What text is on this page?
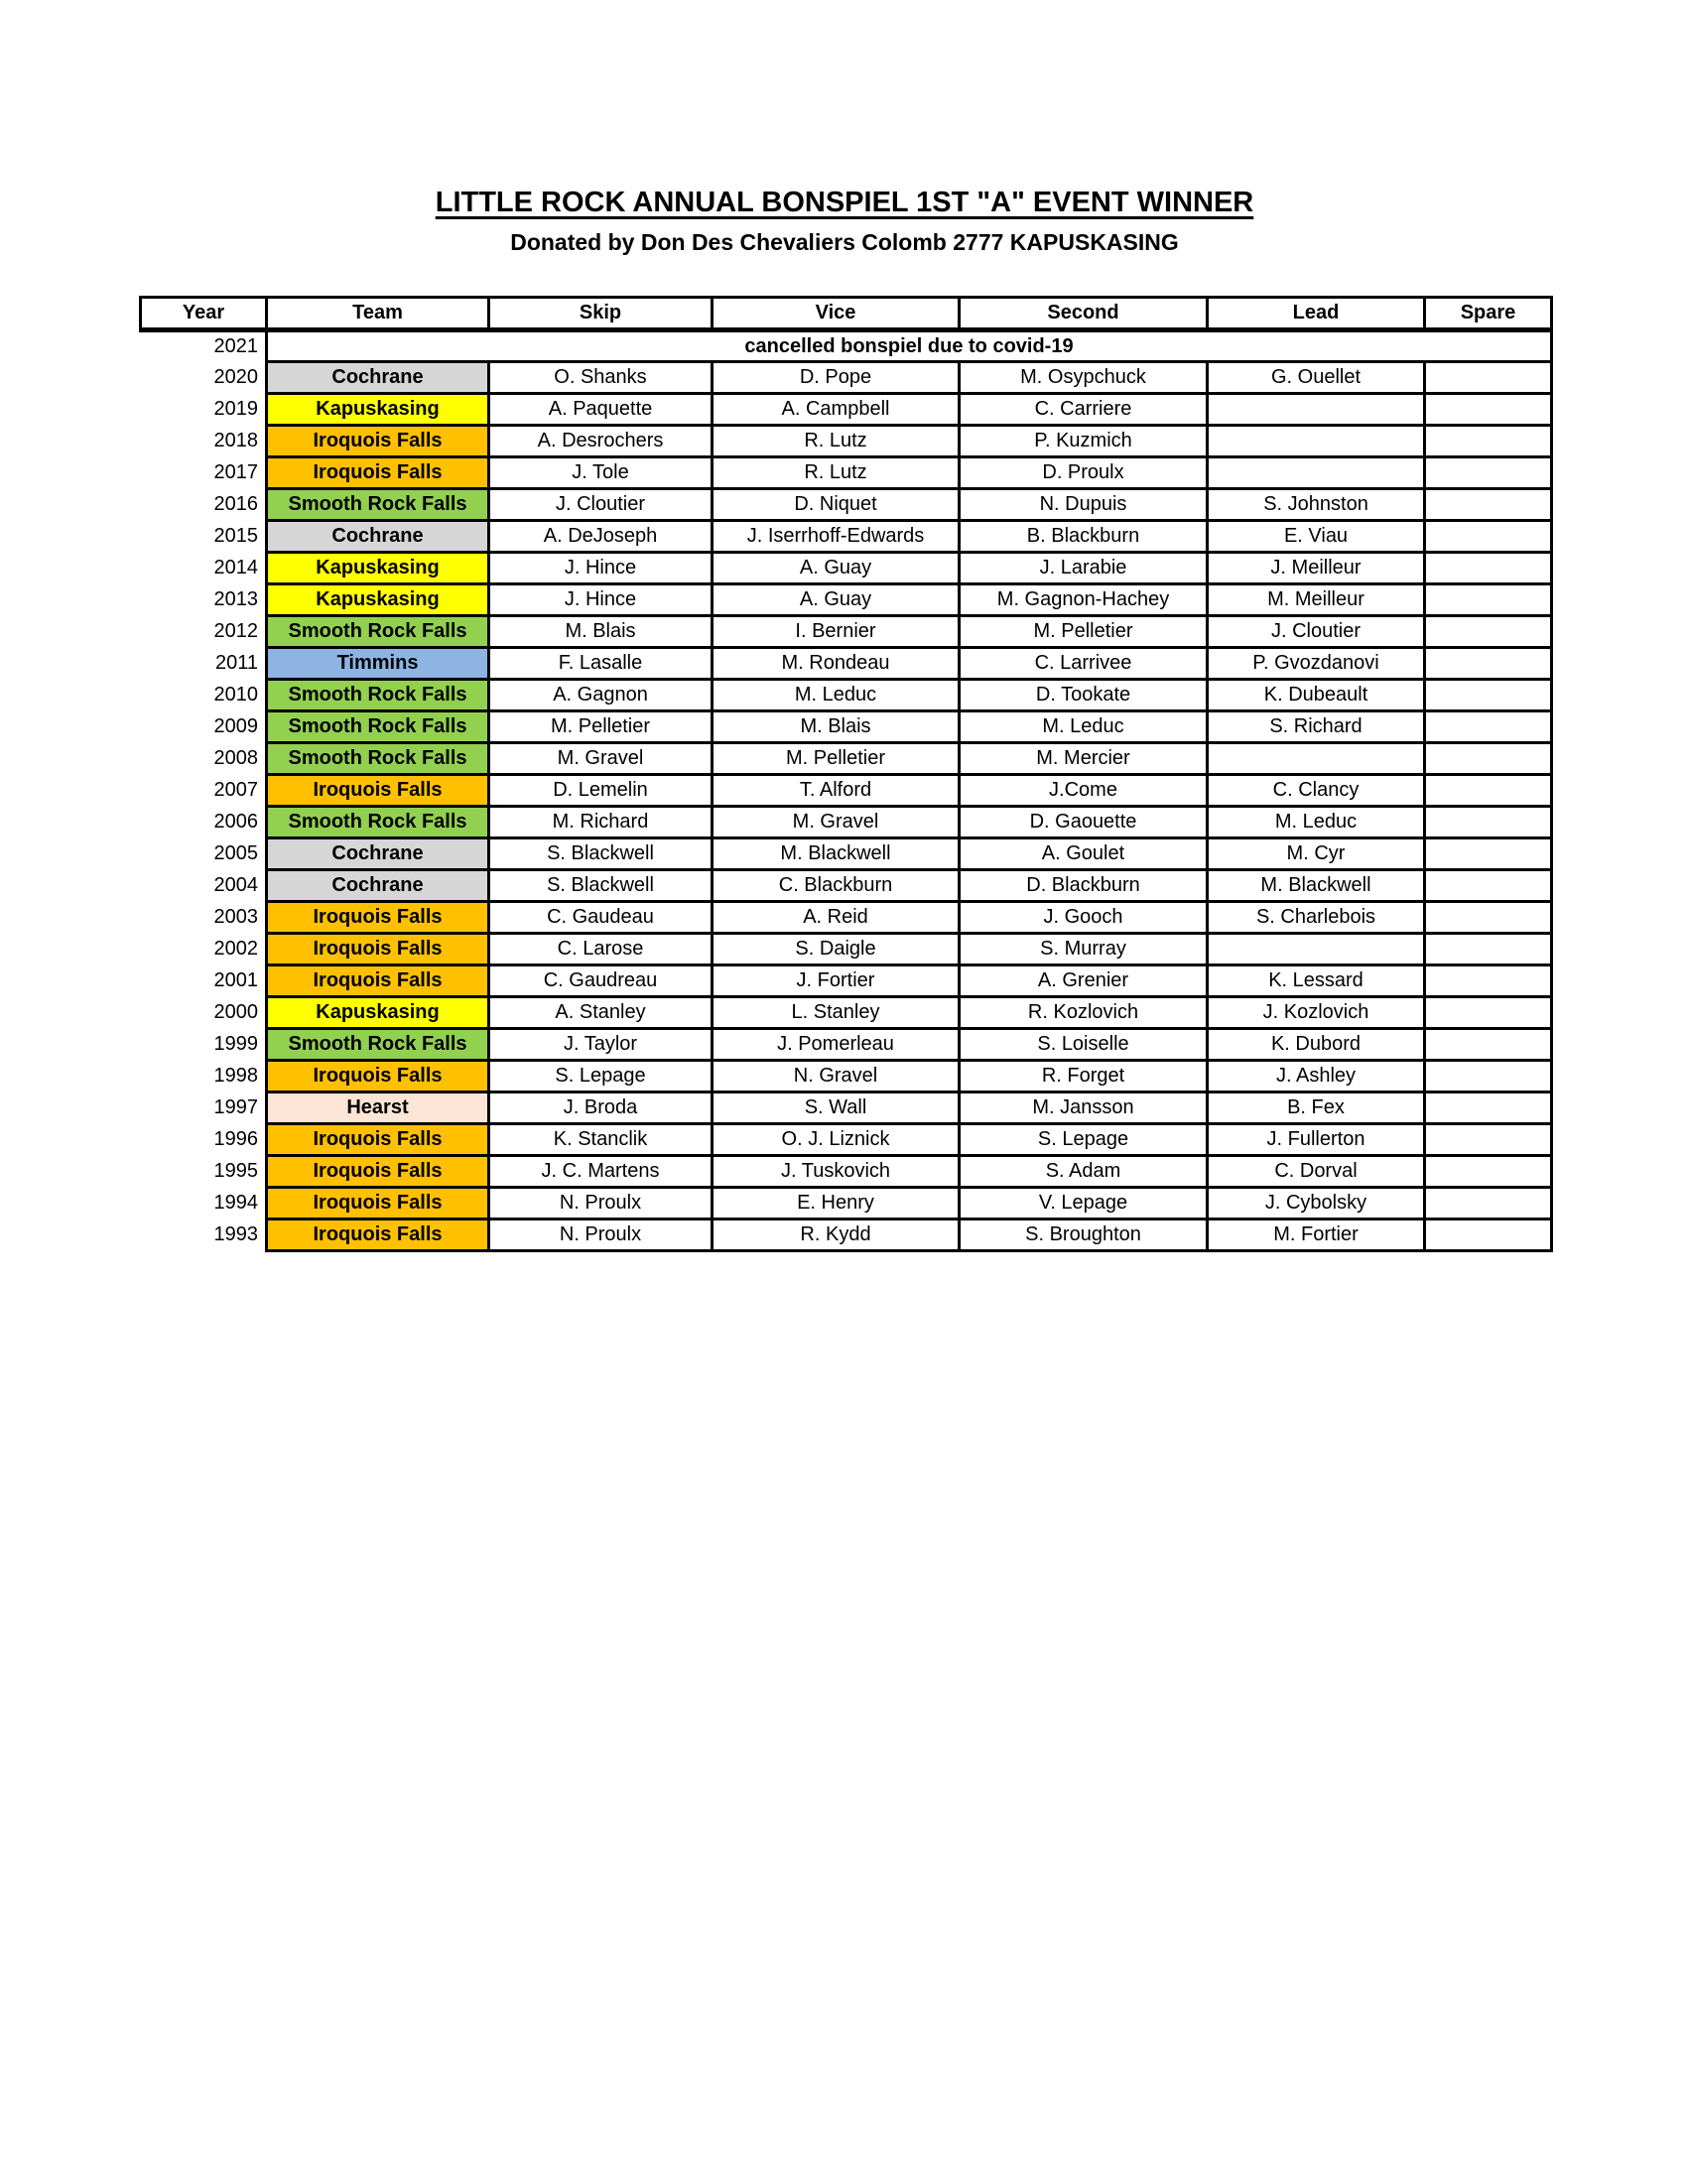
LITTLE ROCK ANNUAL BONSPIEL 1ST "A" EVENT WINNER
Donated by Don Des Chevaliers Colomb 2777 KAPUSKASING
Year	Team	Skip	Vice	Second	Lead	Spare
2021	cancelled bonspiel due to covid-19					
2020	Cochrane	O. Shanks	D. Pope	M. Osypchuck	G. Ouellet	
2019	Kapuskasing	A. Paquette	A. Campbell	C. Carriere		
2018	Iroquois Falls	A. Desrochers	R. Lutz	P. Kuzmich		
2017	Iroquois Falls	J. Tole	R. Lutz	D. Proulx		
2016	Smooth Rock Falls	J. Cloutier	D. Niquet	N. Dupuis	S. Johnston	
2015	Cochrane	A. DeJoseph	J. Iserrhoff-Edwards	B. Blackburn	E. Viau	
2014	Kapuskasing	J. Hince	A. Guay	J. Larabie	J. Meilleur	
2013	Kapuskasing	J. Hince	A. Guay	M. Gagnon-Hachey	M. Meilleur	
2012	Smooth Rock Falls	M. Blais	I. Bernier	M. Pelletier	J. Cloutier	
2011	Timmins	F. Lasalle	M. Rondeau	C. Larrivee	P. Gvozdanovi	
2010	Smooth Rock Falls	A. Gagnon	M. Leduc	D. Tookate	K. Dubeault	
2009	Smooth Rock Falls	M. Pelletier	M. Blais	M. Leduc	S. Richard	
2008	Smooth Rock Falls	M. Gravel	M. Pelletier	M. Mercier		
2007	Iroquois Falls	D. Lemelin	T. Alford	J.Come	C. Clancy	
2006	Smooth Rock Falls	M. Richard	M. Gravel	D. Gaouette	M. Leduc	
2005	Cochrane	S. Blackwell	M. Blackwell	A. Goulet	M. Cyr	
2004	Cochrane	S. Blackwell	C. Blackburn	D. Blackburn	M. Blackwell	
2003	Iroquois Falls	C. Gaudeau	A. Reid	J. Gooch	S. Charlebois	
2002	Iroquois Falls	C. Larose	S. Daigle	S. Murray		
2001	Iroquois Falls	C. Gaudreau	J. Fortier	A. Grenier	K. Lessard	
2000	Kapuskasing	A. Stanley	L. Stanley	R. Kozlovich	J. Kozlovich	
1999	Smooth Rock Falls	J. Taylor	J. Pomerleau	S. Loiselle	K. Dubord	
1998	Iroquois Falls	S. Lepage	N. Gravel	R. Forget	J. Ashley	
1997	Hearst	J. Broda	S. Wall	M. Jansson	B. Fex	
1996	Iroquois Falls	K. Stanclik	O. J. Liznick	S. Lepage	J. Fullerton	
1995	Iroquois Falls	J. C. Martens	J. Tuskovich	S. Adam	C. Dorval	
1994	Iroquois Falls	N. Proulx	E. Henry	V. Lepage	J. Cybolsky	
1993	Iroquois Falls	N. Proulx	R. Kydd	S. Broughton	M. Fortier	
